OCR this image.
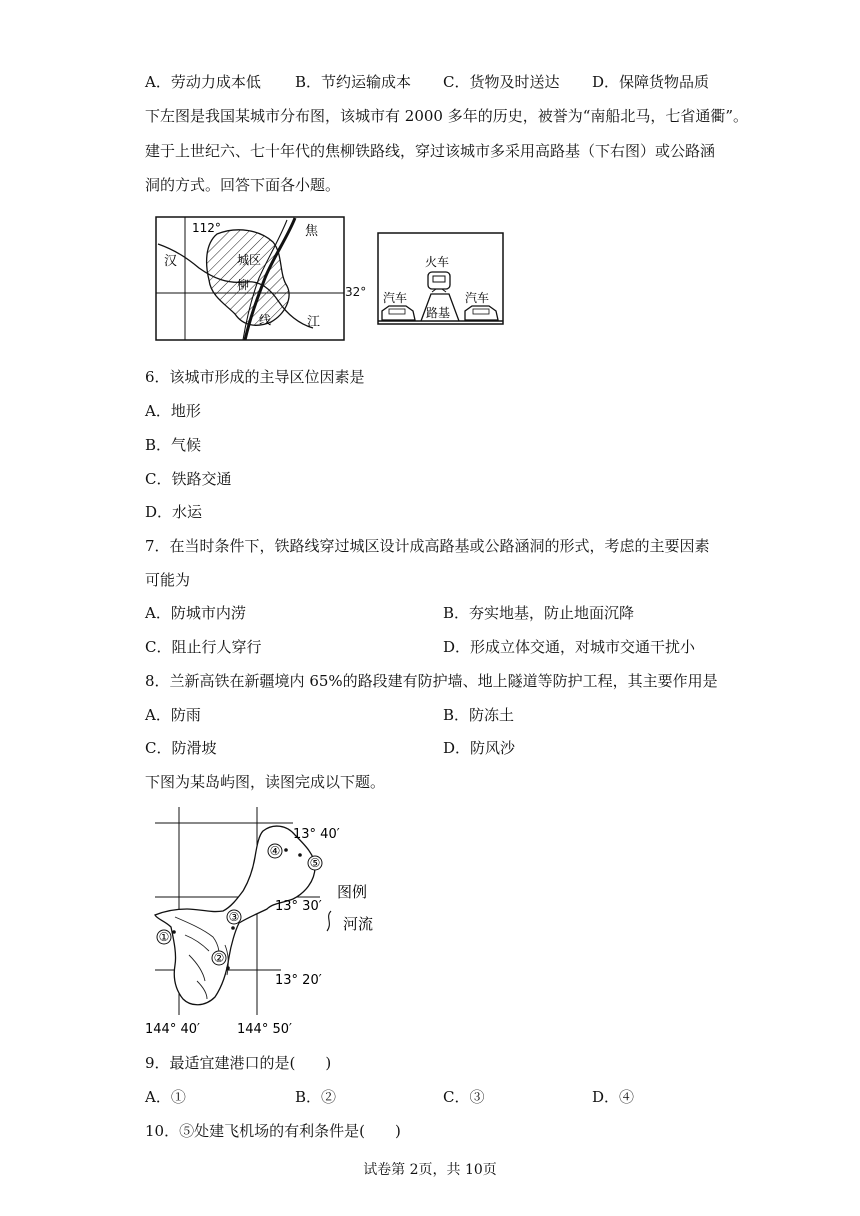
A．劳动力成本低 B．节约运输成本 C．货物及时送达 D．保障货物品质
下左图是我国某城市分布图，该城市有 2000 多年的历史，被誉为“南船北马，七省通衢”。
建于上世纪六、七十年代的焦柳铁路线，穿过该城市多采用高路基（下右图）或公路涵
洞的方式。回答下面各小题。
112°
汉
焦
城区
柳
线	江
32°
火车
汽车	汽车
路基
6．该城市形成的主导区位因素是
A．地形
B．气候
C．铁路交通
D．水运
7．在当时条件下，铁路线穿过城区设计成高路基或公路涵洞的形式，考虑的主要因素
可能为
A．防城市内涝	B．夯实地基，防止地面沉降
C．阻止行人穿行	D．形成立体交通，对城市交通干扰小
8．兰新高铁在新疆境内 65%的路段建有防护墙、地上隧道等防护工程，其主要作用是
A．防雨	B．防冻土
C．防滑坡	D．防风沙
下图为某岛屿图，读图完成以下题。
①
②
③
④
⑤
13° 40′
13° 30′
13° 20′
144° 40′	144° 50′
图例
河流
9．最适宜建港口的是(　　)
A．①	B．②	C．③	D．④
10．⑤处建飞机场的有利条件是(　　)
试卷第 2页，共 10页
